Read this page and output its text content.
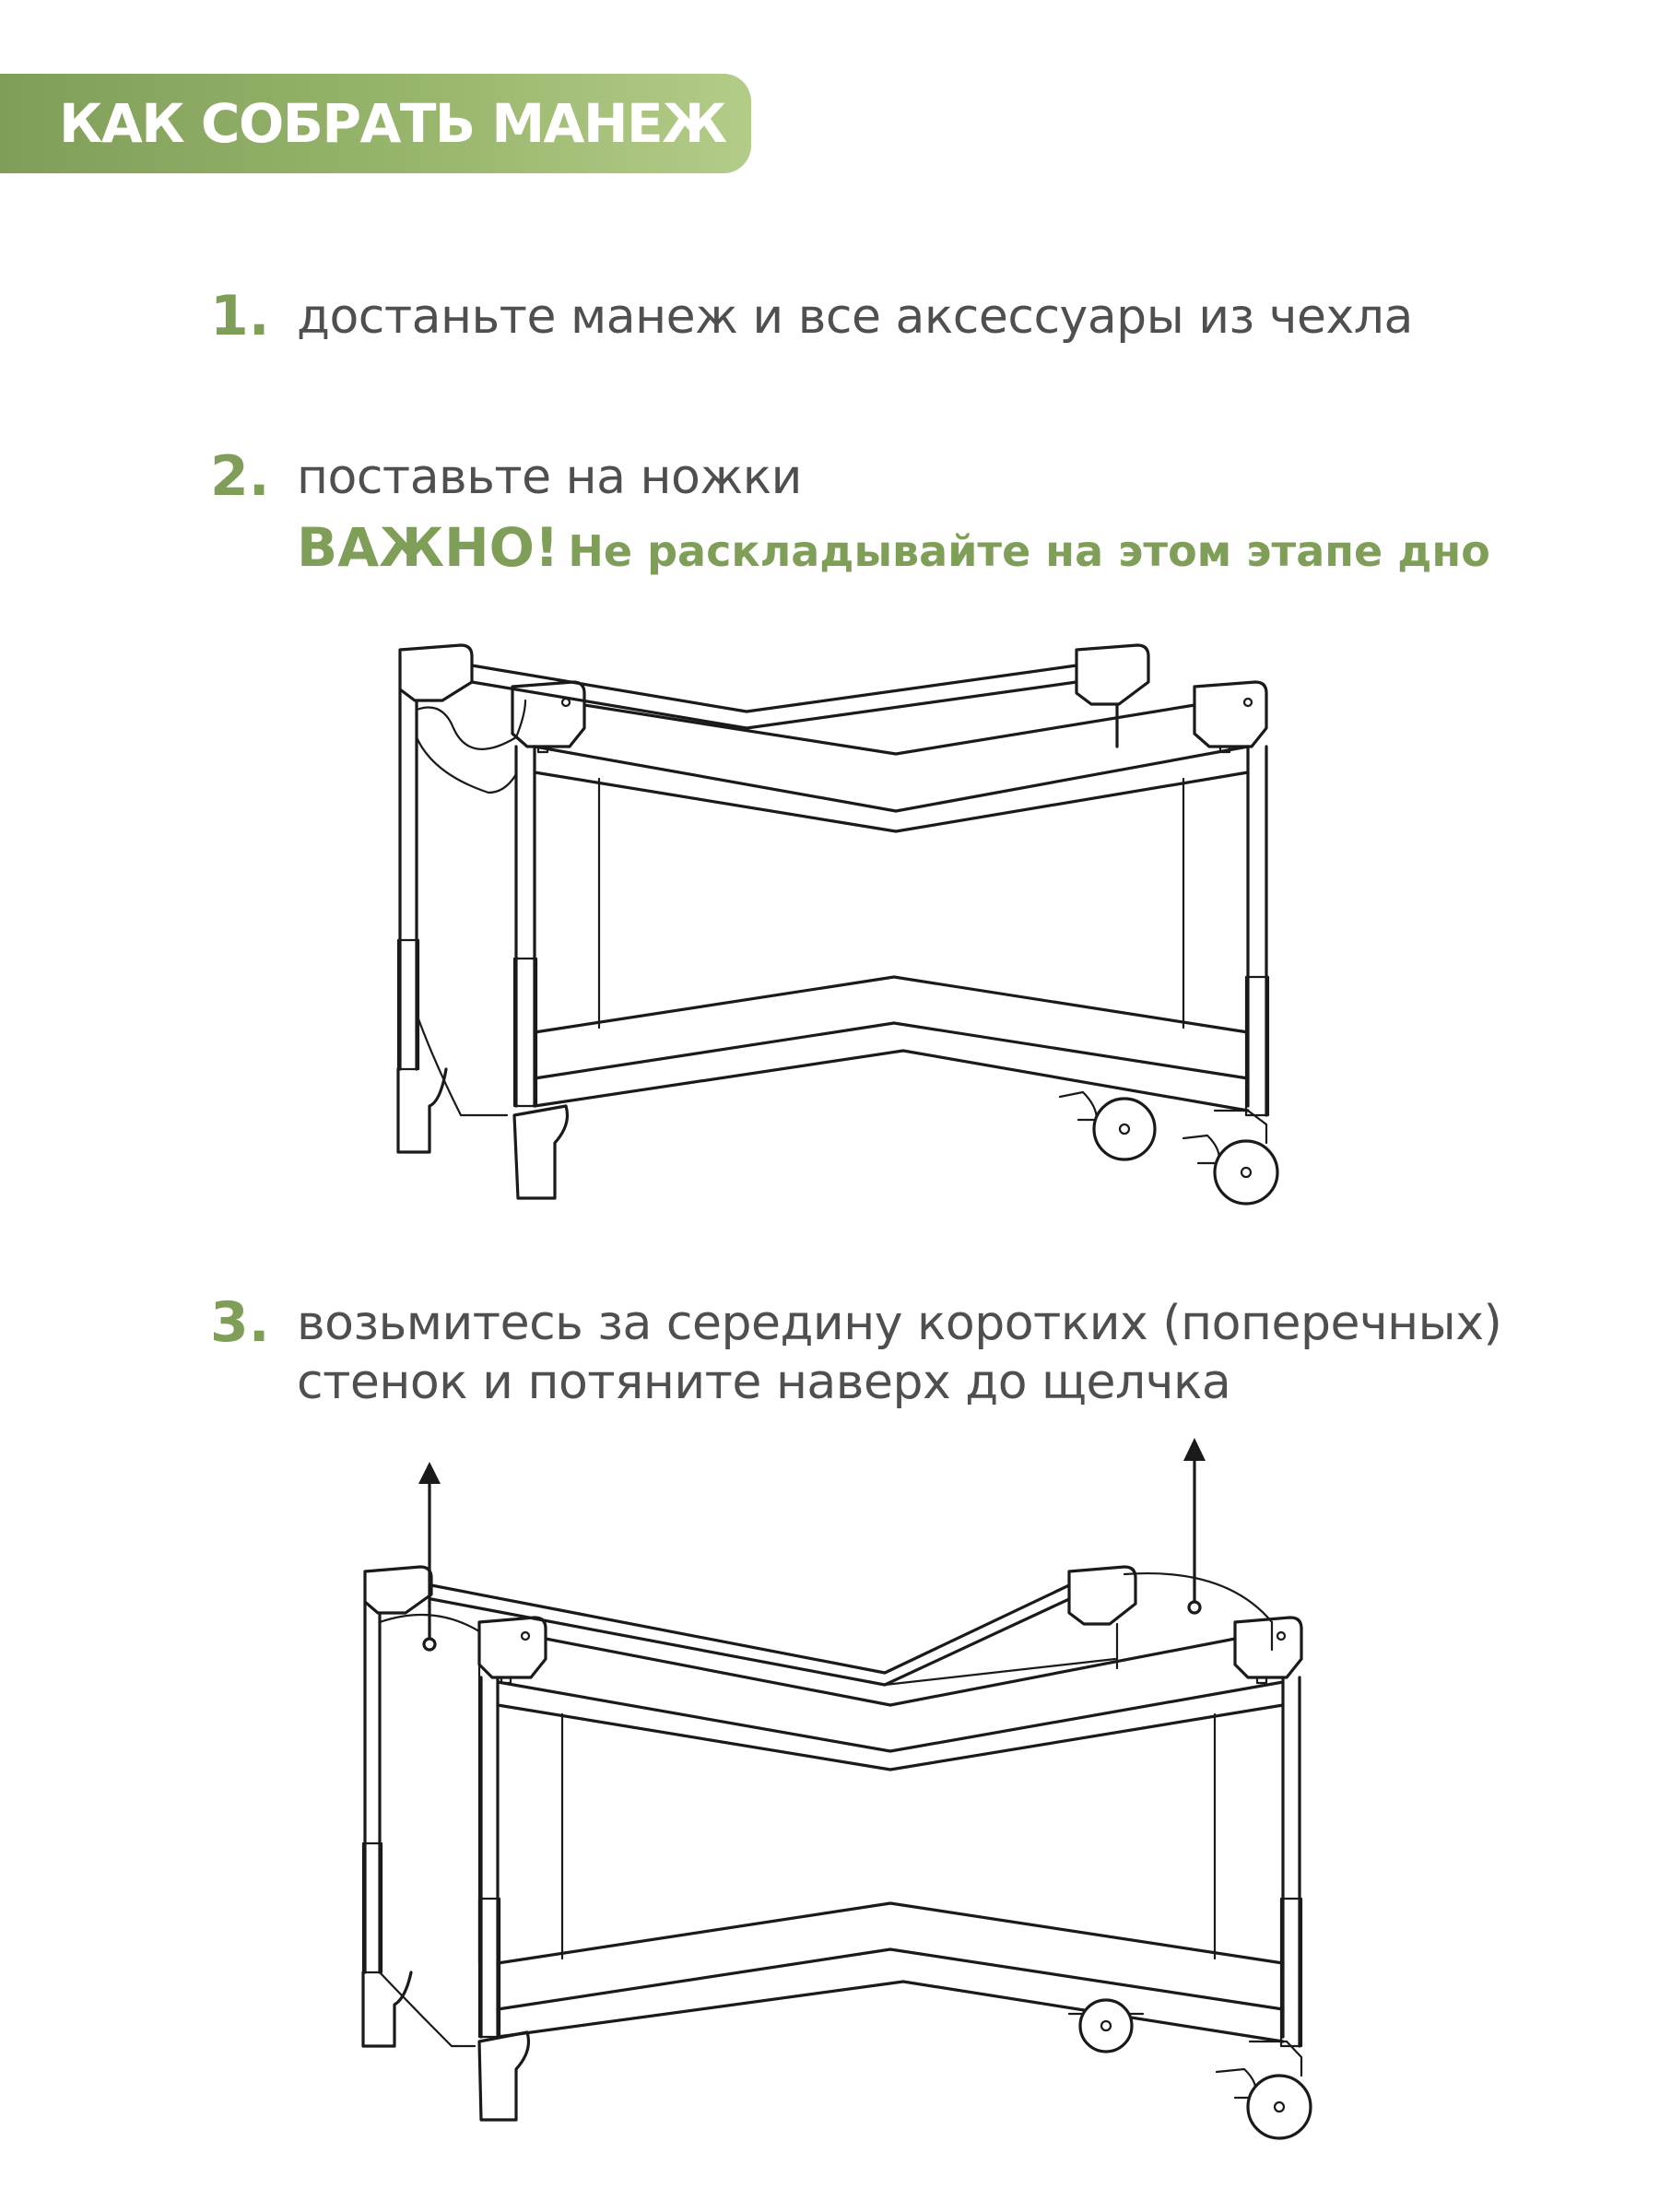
КАК СОБРАТЬ МАНЕЖ
1. достаньте манеж и все аксессуары из чехла
2. поставьте на ножки
ВАЖНО! Не раскладывайте на этом этапе дно
3. возьмитесь за середину коротких (поперечных)
стенок и потяните наверх до щелчка
